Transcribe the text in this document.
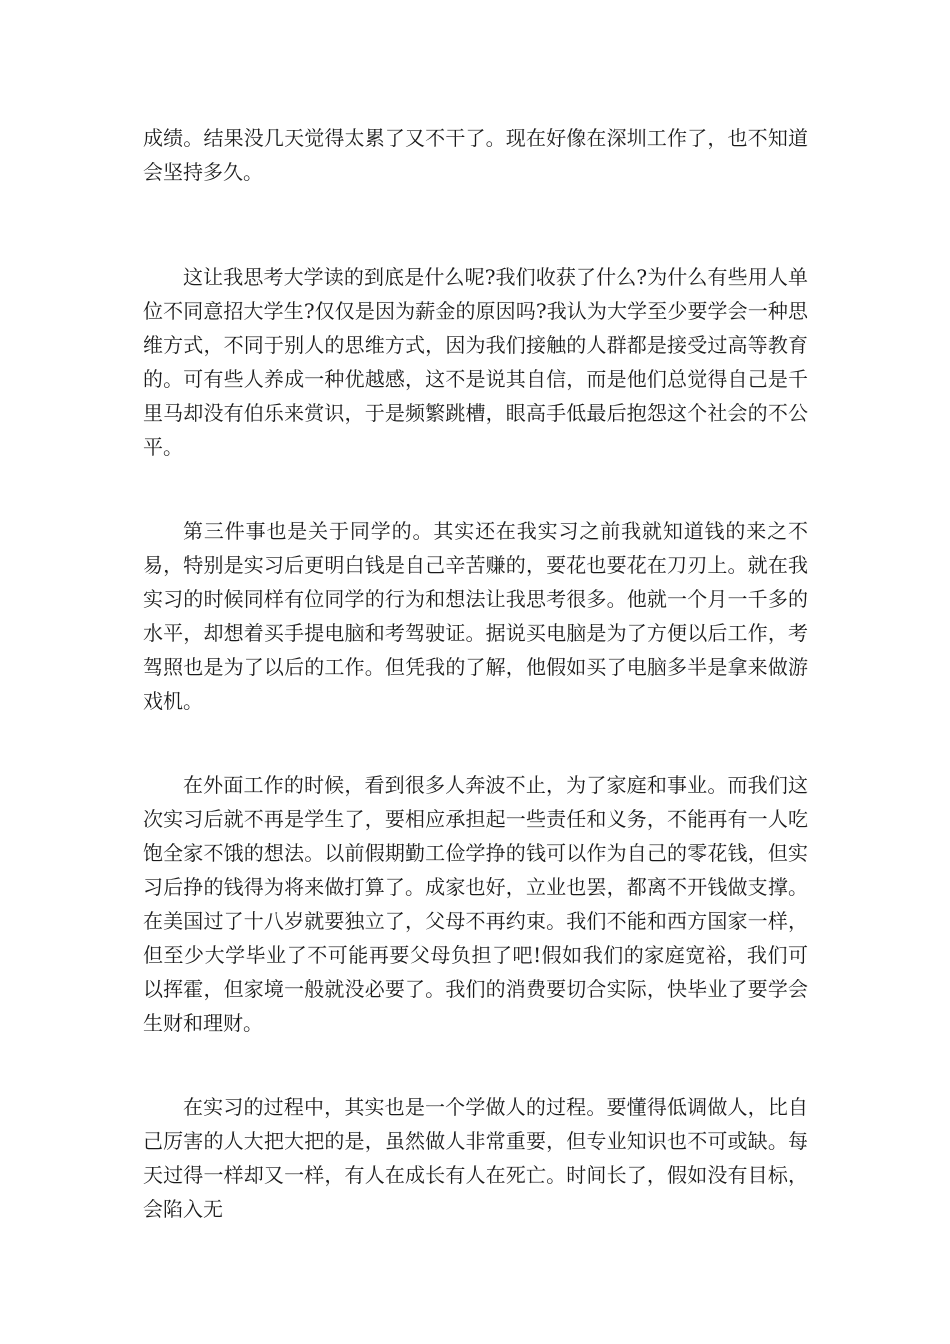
成绩。结果没几天觉得太累了又不干了。现在好像在深圳工作了，也不知道会坚持多久。

这让我思考大学读的到底是什么呢?我们收获了什么?为什么有些用人单位不同意招大学生?仅仅是因为薪金的原因吗?我认为大学至少要学会一种思维方式，不同于别人的思维方式，因为我们接触的人群都是接受过高等教育的。可有些人养成一种优越感，这不是说其自信，而是他们总觉得自己是千里马却没有伯乐来赏识，于是频繁跳槽，眼高手低最后抱怨这个社会的不公平。

第三件事也是关于同学的。其实还在我实习之前我就知道钱的来之不易，特别是实习后更明白钱是自己辛苦赚的，要花也要花在刀刃上。就在我实习的时候同样有位同学的行为和想法让我思考很多。他就一个月一千多的水平，却想着买手提电脑和考驾驶证。据说买电脑是为了方便以后工作，考驾照也是为了以后的工作。但凭我的了解，他假如买了电脑多半是拿来做游戏机。

在外面工作的时候，看到很多人奔波不止，为了家庭和事业。而我们这次实习后就不再是学生了，要相应承担起一些责任和义务，不能再有一人吃饱全家不饿的想法。以前假期勤工俭学挣的钱可以作为自己的零花钱，但实习后挣的钱得为将来做打算了。成家也好，立业也罢，都离不开钱做支撑。在美国过了十八岁就要独立了，父母不再约束。我们不能和西方国家一样，但至少大学毕业了不可能再要父母负担了吧!假如我们的家庭宽裕，我们可以挥霍，但家境一般就没必要了。我们的消费要切合实际，快毕业了要学会生财和理财。

在实习的过程中，其实也是一个学做人的过程。要懂得低调做人，比自己厉害的人大把大把的是，虽然做人非常重要，但专业知识也不可或缺。每天过得一样却又一样，有人在成长有人在死亡。时间长了，假如没有目标，会陷入无
